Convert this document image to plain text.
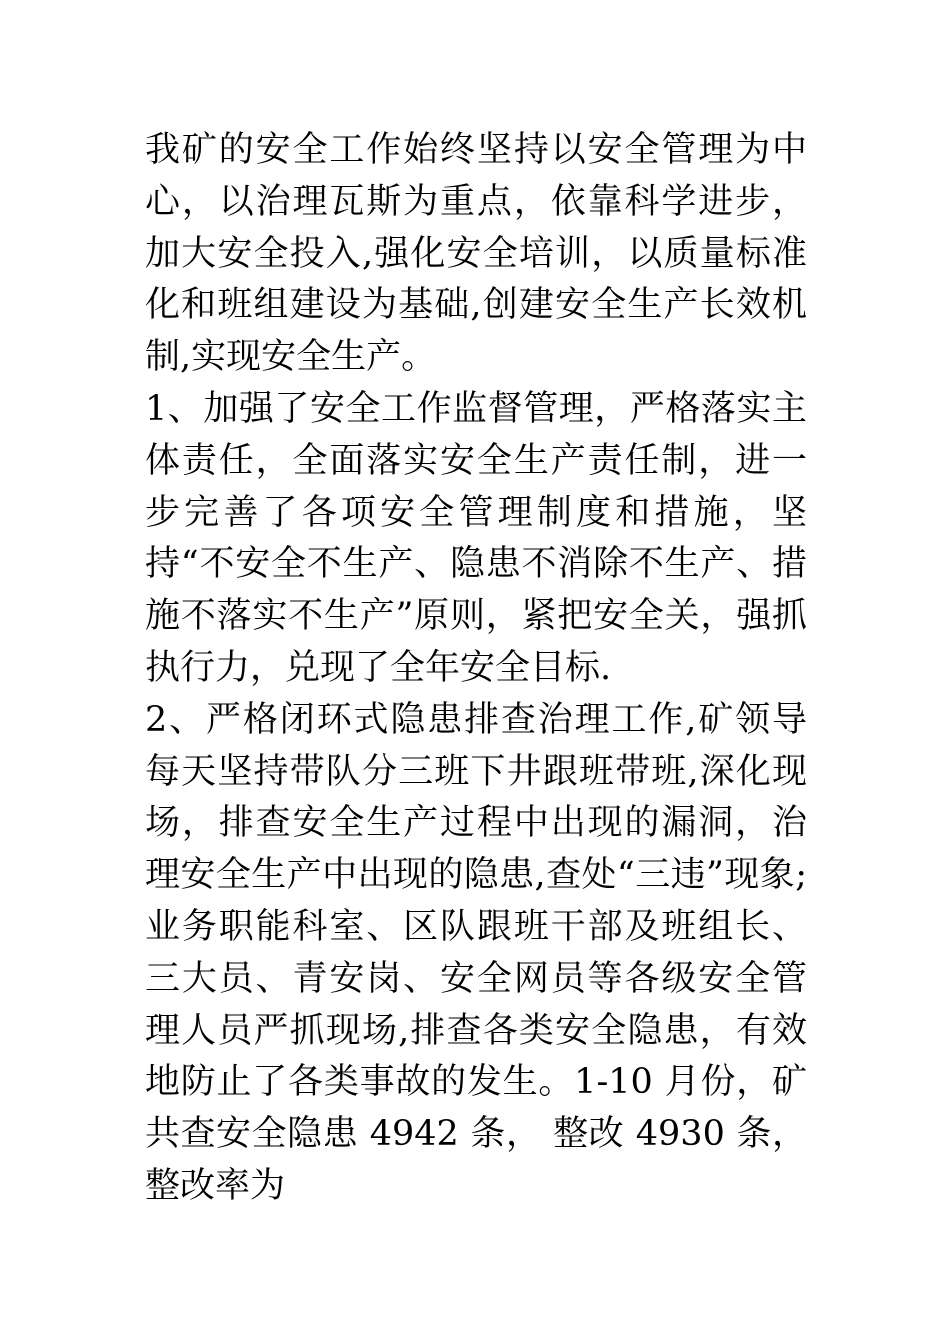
我矿的安全工作始终坚持以安全管理为中心，以治理瓦斯为重点，依靠科学进步，加大安全投入,强化安全培训，以质量标准化和班组建设为基础,创建安全生产长效机制,实现安全生产。

1、加强了安全工作监督管理，严格落实主体责任，全面落实安全生产责任制，进一步完善了各项安全管理制度和措施，坚持“不安全不生产、隐患不消除不生产、措施不落实不生产”原则，紧把安全关，强抓执行力，兑现了全年安全目标.

2、严格闭环式隐患排查治理工作,矿领导每天坚持带队分三班下井跟班带班,深化现场，排查安全生产过程中出现的漏洞，治理安全生产中出现的隐患,查处“三违”现象;业务职能科室、区队跟班干部及班组长、三大员、青安岗、安全网员等各级安全管理人员严抓现场,排查各类安全隐患，有效地防止了各类事故的发生。1-10 月份，矿共查安全隐患 4942 条， 整改 4930 条， 整改率为
